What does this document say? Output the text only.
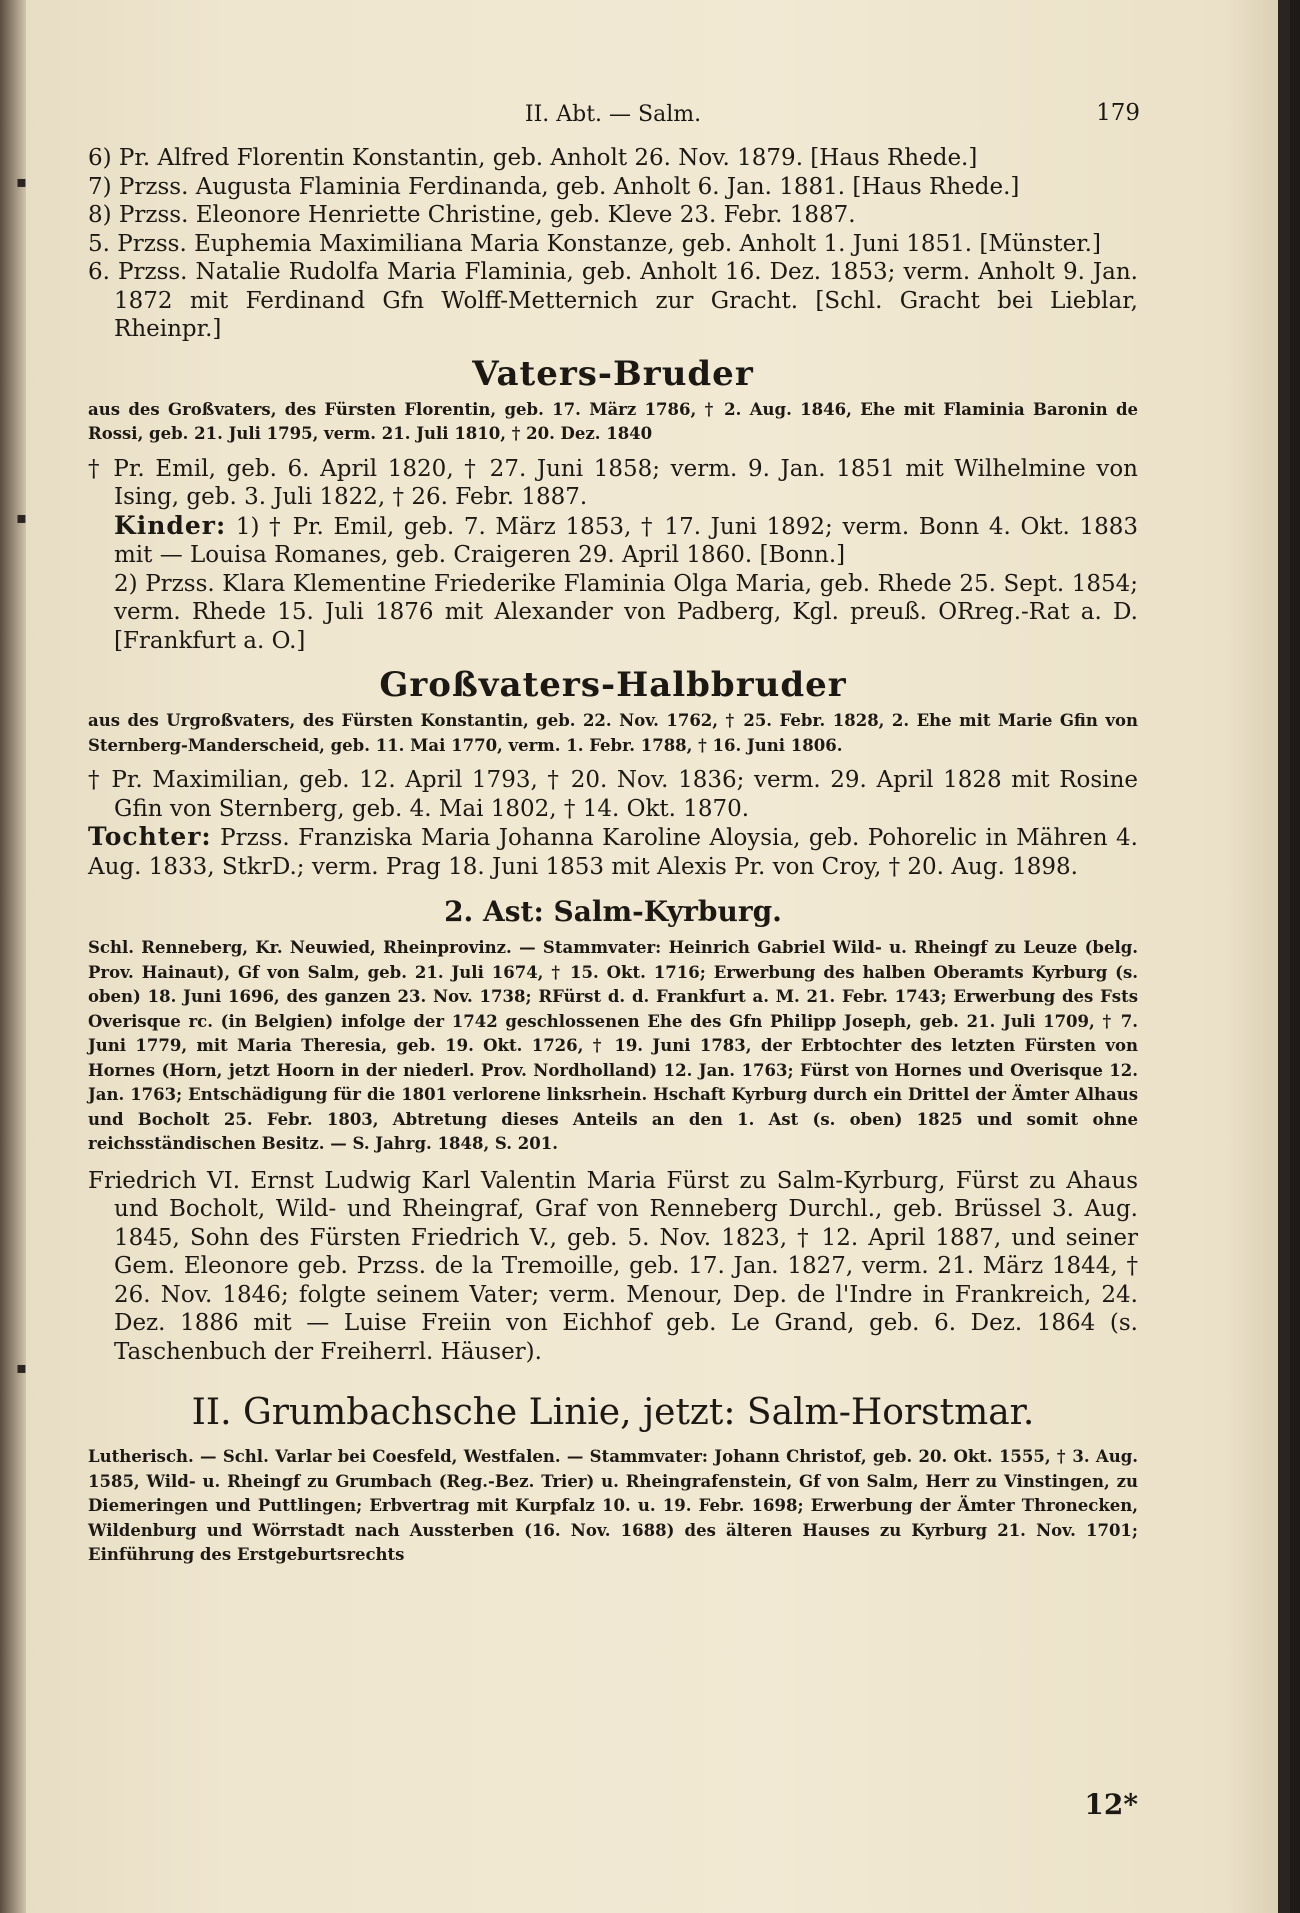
▪
▪
▪
II. Abt. — Salm.	179

6) Pr. Alfred Florentin Konstantin, geb. Anholt 26. Nov. 1879. [Haus Rhede.]

7) Przss. Augusta Flaminia Ferdinanda, geb. Anholt 6. Jan. 1881. [Haus Rhede.]

8) Przss. Eleonore Henriette Christine, geb. Kleve 23. Febr. 1887.

5. Przss. Euphemia Maximiliana Maria Konstanze, geb. Anholt 1. Juni 1851. [Münster.]

6. Przss. Natalie Rudolfa Maria Flaminia, geb. Anholt 16. Dez. 1853; verm. Anholt 9. Jan. 1872 mit Ferdinand Gfn Wolff-Metternich zur Gracht. [Schl. Gracht bei Lieblar, Rheinpr.]

Vaters-Bruder

aus des Großvaters, des Fürsten Florentin, geb. 17. März 1786, † 2. Aug. 1846, Ehe mit Flaminia Baronin de Rossi, geb. 21. Juli 1795, verm. 21. Juli 1810, † 20. Dez. 1840

† Pr. Emil, geb. 6. April 1820, † 27. Juni 1858; verm. 9. Jan. 1851 mit Wilhelmine von Ising, geb. 3. Juli 1822, † 26. Febr. 1887.

Kinder: 1) † Pr. Emil, geb. 7. März 1853, † 17. Juni 1892; verm. Bonn 4. Okt. 1883 mit — Louisa Romanes, geb. Craigeren 29. April 1860. [Bonn.]

2) Przss. Klara Klementine Friederike Flaminia Olga Maria, geb. Rhede 25. Sept. 1854; verm. Rhede 15. Juli 1876 mit Alexander von Padberg, Kgl. preuß. ORreg.-Rat a. D. [Frankfurt a. O.]

Großvaters-Halbbruder

aus des Urgroßvaters, des Fürsten Konstantin, geb. 22. Nov. 1762, † 25. Febr. 1828, 2. Ehe mit Marie Gfin von Sternberg-Manderscheid, geb. 11. Mai 1770, verm. 1. Febr. 1788, † 16. Juni 1806.

† Pr. Maximilian, geb. 12. April 1793, † 20. Nov. 1836; verm. 29. April 1828 mit Rosine Gfin von Sternberg, geb. 4. Mai 1802, † 14. Okt. 1870.

Tochter: Przss. Franziska Maria Johanna Karoline Aloysia, geb. Pohorelic in Mähren 4. Aug. 1833, StkrD.; verm. Prag 18. Juni 1853 mit Alexis Pr. von Croy, † 20. Aug. 1898.

2. Ast: Salm-Kyrburg.

Schl. Renneberg, Kr. Neuwied, Rheinprovinz. — Stammvater: Heinrich Gabriel Wild- u. Rheingf zu Leuze (belg. Prov. Hainaut), Gf von Salm, geb. 21. Juli 1674, † 15. Okt. 1716; Erwerbung des halben Oberamts Kyrburg (s. oben) 18. Juni 1696, des ganzen 23. Nov. 1738; RFürst d. d. Frankfurt a. M. 21. Febr. 1743; Erwerbung des Fsts Overisque rc. (in Belgien) infolge der 1742 geschlossenen Ehe des Gfn Philipp Joseph, geb. 21. Juli 1709, † 7. Juni 1779, mit Maria Theresia, geb. 19. Okt. 1726, † 19. Juni 1783, der Erbtochter des letzten Fürsten von Hornes (Horn, jetzt Hoorn in der niederl. Prov. Nordholland) 12. Jan. 1763; Fürst von Hornes und Overisque 12. Jan. 1763; Entschädigung für die 1801 verlorene linksrhein. Hschaft Kyrburg durch ein Drittel der Ämter Alhaus und Bocholt 25. Febr. 1803, Abtretung dieses Anteils an den 1. Ast (s. oben) 1825 und somit ohne reichsständischen Besitz. — S. Jahrg. 1848, S. 201.

Friedrich VI. Ernst Ludwig Karl Valentin Maria Fürst zu Salm-Kyrburg, Fürst zu Ahaus und Bocholt, Wild- und Rheingraf, Graf von Renneberg Durchl., geb. Brüssel 3. Aug. 1845, Sohn des Fürsten Friedrich V., geb. 5. Nov. 1823, † 12. April 1887, und seiner Gem. Eleonore geb. Przss. de la Tremoille, geb. 17. Jan. 1827, verm. 21. März 1844, † 26. Nov. 1846; folgte seinem Vater; verm. Menour, Dep. de l'Indre in Frankreich, 24. Dez. 1886 mit — Luise Freiin von Eichhof geb. Le Grand, geb. 6. Dez. 1864 (s. Taschenbuch der Freiherrl. Häuser).

II. Grumbachsche Linie, jetzt: Salm-Horstmar.

Lutherisch. — Schl. Varlar bei Coesfeld, Westfalen. — Stammvater: Johann Christof, geb. 20. Okt. 1555, † 3. Aug. 1585, Wild- u. Rheingf zu Grumbach (Reg.-Bez. Trier) u. Rheingrafenstein, Gf von Salm, Herr zu Vinstingen, zu Diemeringen und Puttlingen; Erbvertrag mit Kurpfalz 10. u. 19. Febr. 1698; Erwerbung der Ämter Thronecken, Wildenburg und Wörrstadt nach Aussterben (16. Nov. 1688) des älteren Hauses zu Kyrburg 21. Nov. 1701; Einführung des Erstgeburtsrechts

12*
